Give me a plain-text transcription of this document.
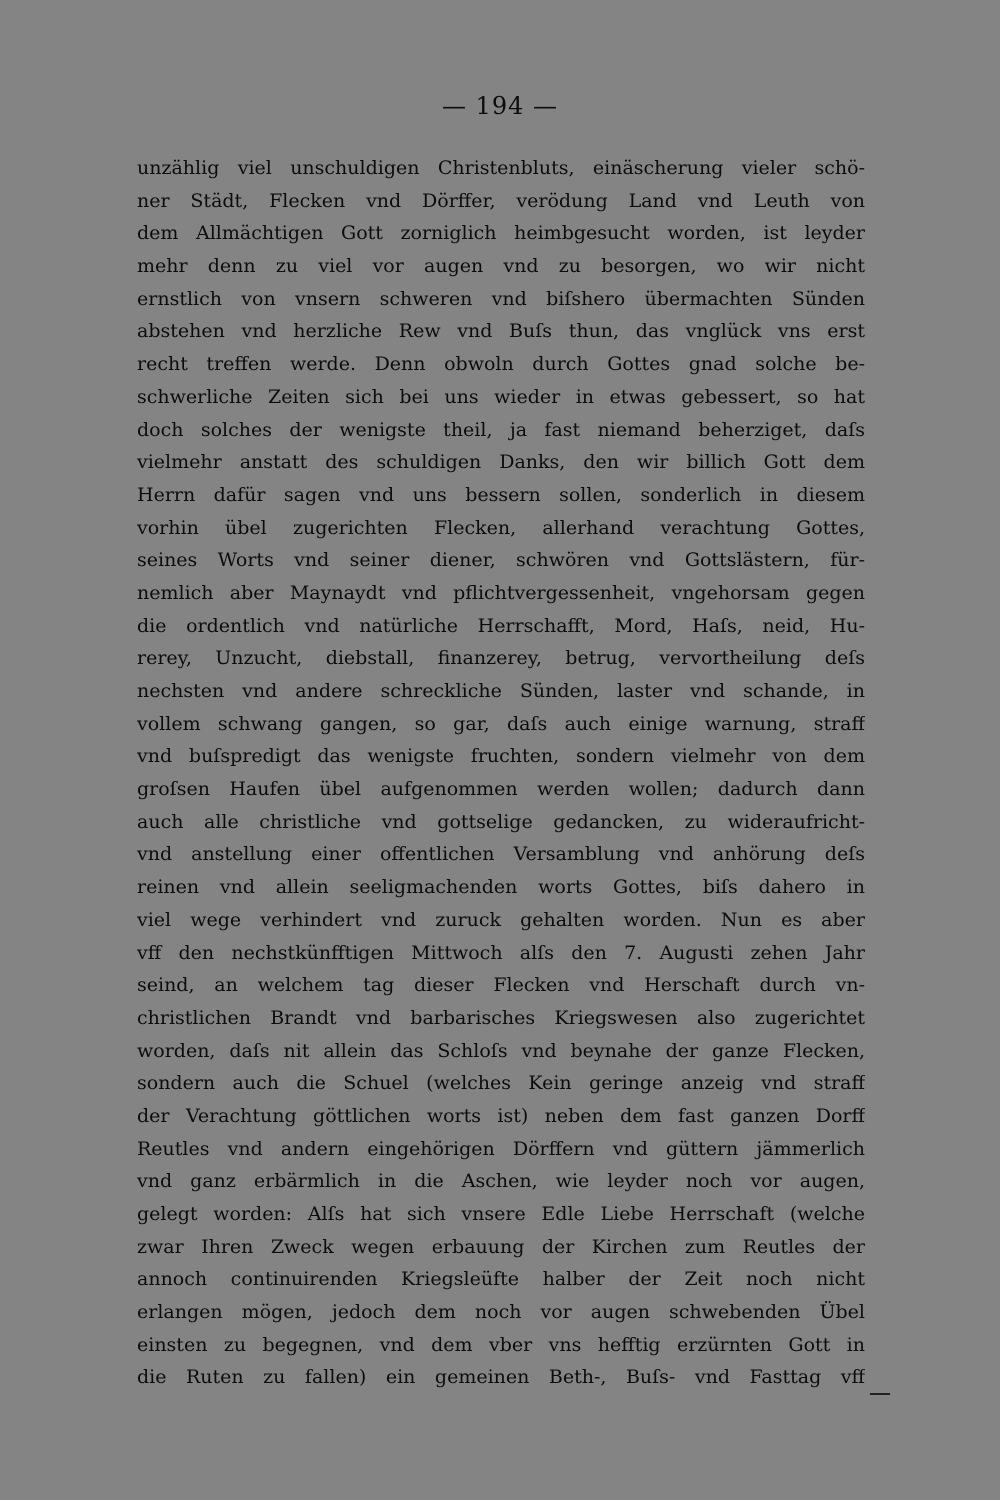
— 194 —
unzählig viel unschuldigen Christenbluts, einäscherung vieler schö-
ner Städt, Flecken vnd Dörffer, verödung Land vnd Leuth von
dem Allmächtigen Gott zorniglich heimbgesucht worden, ist leyder
mehr denn zu viel vor augen vnd zu besorgen, wo wir nicht
ernstlich von vnsern schweren vnd biſshero übermachten Sünden
abstehen vnd herzliche Rew vnd Buſs thun, das vnglück vns erst
recht treffen werde. Denn obwoln durch Gottes gnad solche be-
schwerliche Zeiten sich bei uns wieder in etwas gebessert, so hat
doch solches der wenigste theil, ja fast niemand beherziget, daſs
vielmehr anstatt des schuldigen Danks, den wir billich Gott dem
Herrn dafür sagen vnd uns bessern sollen, sonderlich in diesem
vorhin übel zugerichten Flecken, allerhand verachtung Gottes,
seines Worts vnd seiner diener, schwören vnd Gottslästern, für-
nemlich aber Maynaydt vnd pflichtvergessenheit, vngehorsam gegen
die ordentlich vnd natürliche Herrschafft, Mord, Haſs, neid, Hu-
rerey, Unzucht, diebstall, finanzerey, betrug, vervortheilung deſs
nechsten vnd andere schreckliche Sünden, laster vnd schande, in
vollem schwang gangen, so gar, daſs auch einige warnung, straff
vnd buſspredigt das wenigste fruchten, sondern vielmehr von dem
groſsen Haufen übel aufgenommen werden wollen; dadurch dann
auch alle christliche vnd gottselige gedancken, zu wideraufricht-
vnd anstellung einer offentlichen Versamblung vnd anhörung deſs
reinen vnd allein seeligmachenden worts Gottes, biſs dahero in
viel wege verhindert vnd zuruck gehalten worden. Nun es aber
vff den nechstkünfftigen Mittwoch alſs den 7. Augusti zehen Jahr
seind, an welchem tag dieser Flecken vnd Herschaft durch vn-
christlichen Brandt vnd barbarisches Kriegswesen also zugerichtet
worden, daſs nit allein das Schloſs vnd beynahe der ganze Flecken,
sondern auch die Schuel (welches Kein geringe anzeig vnd straff
der Verachtung göttlichen worts ist) neben dem fast ganzen Dorff
Reutles vnd andern eingehörigen Dörffern vnd güttern jämmerlich
vnd ganz erbärmlich in die Aschen, wie leyder noch vor augen,
gelegt worden: Alſs hat sich vnsere Edle Liebe Herrschaft (welche
zwar Ihren Zweck wegen erbauung der Kirchen zum Reutles der
annoch continuirenden Kriegsleüfte halber der Zeit noch nicht
erlangen mögen, jedoch dem noch vor augen schwebenden Übel
einsten zu begegnen, vnd dem vber vns hefftig erzürnten Gott in
die Ruten zu fallen) ein gemeinen Beth-, Buſs- vnd Fasttag vff
